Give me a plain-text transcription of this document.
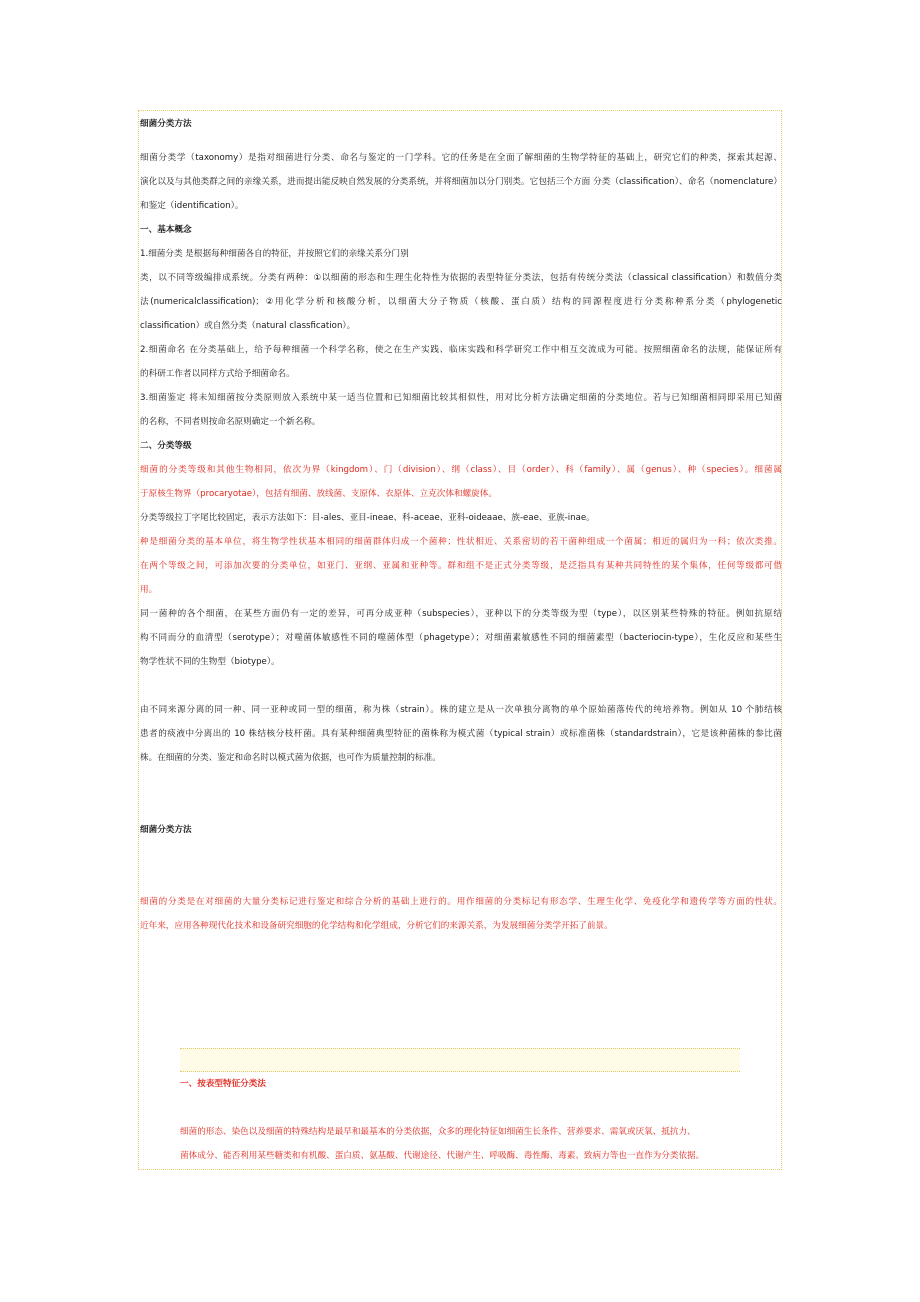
细菌分类方法
细菌分类学（taxonomy）是指对细菌进行分类、命名与鉴定的一门学科。它的任务是在全面了解细菌的生物学特征的基础上，研究它们的种类，探索其起源、
演化以及与其他类群之间的亲缘关系，进而提出能反映自然发展的分类系统，并将细菌加以分门别类。它包括三个方面 分类（classification）、命名（nomenclature）
和鉴定（identification）。
一、基本概念
1.细菌分类 是根据每种细菌各自的特征，并按照它们的亲缘关系分门别
类，以不同等级编排成系统。分类有两种：①以细菌的形态和生理生化特性为依据的表型特征分类法，包括有传统分类法（classical classification）和数值分类
法(numericalclassification)；②用化学分析和核酸分析，以细菌大分子物质（核酸、蛋白质）结构的同源程度进行分类称种系分类（phylogenetic
classification）或自然分类（natural classfication）。
2.细菌命名 在分类基础上，给予每种细菌一个科学名称，使之在生产实践、临床实践和科学研究工作中相互交流成为可能。按照细菌命名的法规，能保证所有
的科研工作者以同样方式给予细菌命名。
3.细菌鉴定 将未知细菌按分类原则放入系统中某一适当位置和已知细菌比较其相似性，用对比分析方法确定细菌的分类地位。若与已知细菌相同即采用已知菌
的名称，不同者则按命名原则确定一个新名称。
二、分类等级
细菌的分类等级和其他生物相同，依次为界（kingdom）、门（division）、纲（class）、目（order）、科（family）、属（genus）、种（species）。细菌属
于原核生物界（procaryotae），包括有细菌、放线菌、支原体、衣原体、立克次体和螺旋体。
分类等级拉丁字尾比较固定，表示方法如下：目-ales、亚目-ineae、科-aceae、亚科-oideaae、族-eae、亚族-inae。
种是细菌分类的基本单位，将生物学性状基本相同的细菌群体归成一个菌种；性状相近、关系密切的若干菌种组成一个菌属；相近的属归为一科；依次类推。
在两个等级之间，可添加次要的分类单位，如亚门、亚纲、亚属和亚种等。群和组不是正式分类等级，是泛指具有某种共同特性的某个集体，任何等级都可借
用。
同一菌种的各个细菌，在某些方面仍有一定的差异，可再分成亚种（subspecies），亚种以下的分类等级为型（type），以区别某些特殊的特征。例如抗原结
构不同而分的血清型（serotype）；对噬菌体敏感性不同的噬菌体型（phagetype）；对细菌素敏感性不同的细菌素型（bacteriocin-type），生化反应和某些生
物学性状不同的生物型（biotype）。
由不同来源分离的同一种、同一亚种或同一型的细菌，称为株（strain）。株的建立是从一次单独分离物的单个原始菌落传代的纯培养物。例如从 10 个肺结核
患者的痰液中分离出的 10 株结核分枝杆菌。具有某种细菌典型特征的菌株称为模式菌（typical strain）或标准菌株（standardstrain），它是该种菌株的参比菌
株。在细菌的分类、鉴定和命名时以模式菌为依据，也可作为质量控制的标准。
细菌分类方法
细菌的分类是在对细菌的大量分类标记进行鉴定和综合分析的基础上进行的。用作细菌的分类标记有形态学、生理生化学、免疫化学和遗传学等方面的性状。
近年来，应用各种现代化技术和设备研究细胞的化学结构和化学组成，分析它们的来源关系，为发展细菌分类学开拓了前景。
一、按表型特征分类法
细菌的形态、染色以及细菌的特殊结构是最早和最基本的分类依据，众多的理化特征如细菌生长条件、营养要求、需氧或厌氧、抵抗力、
菌体成分、能否利用某些糖类和有机酸、蛋白质、氨基酸、代谢途径、代谢产生、呼吸酶、毒性酶、毒素、致病力等也一直作为分类依据。
